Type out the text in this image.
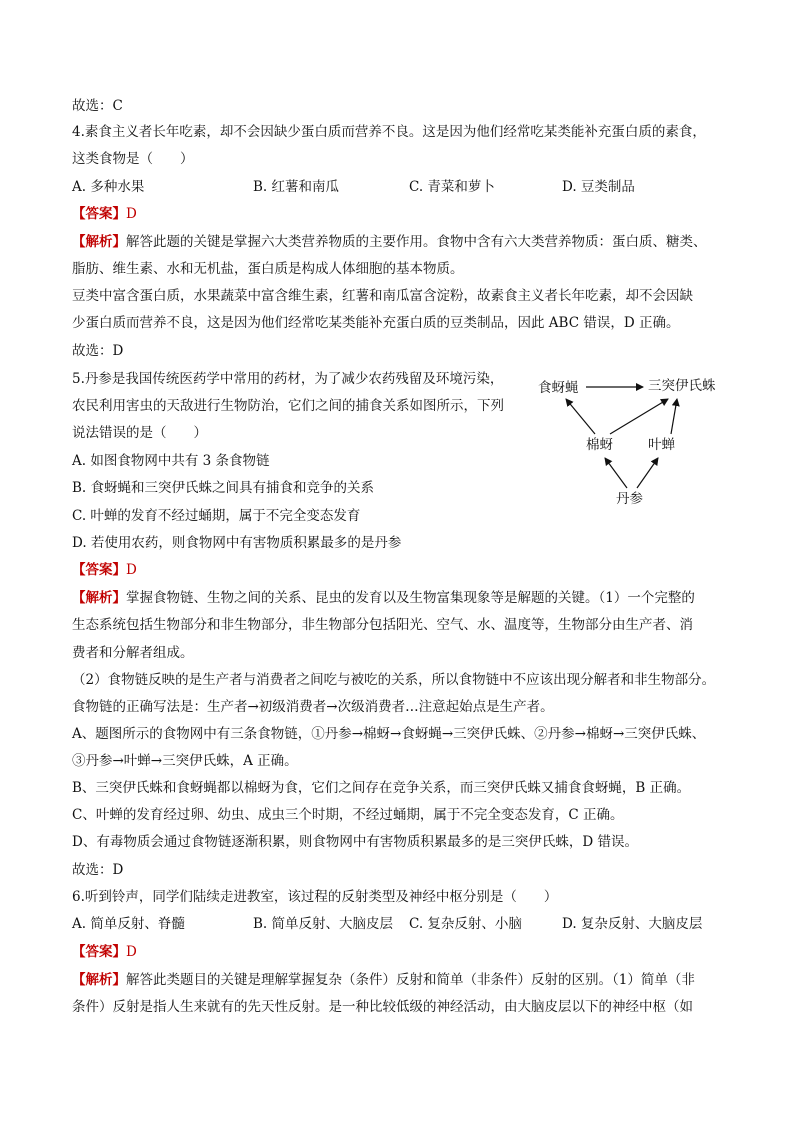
故选：C
4.素食主义者长年吃素，却不会因缺少蛋白质而营养不良。这是因为他们经常吃某类能补充蛋白质的素食，
这类食物是（　　）
A. 多种水果	B. 红薯和南瓜	C. 青菜和萝卜	D. 豆类制品
【答案】D
【解析】解答此题的关键是掌握六大类营养物质的主要作用。食物中含有六大类营养物质：蛋白质、糖类、
脂肪、维生素、水和无机盐，蛋白质是构成人体细胞的基本物质。
豆类中富含蛋白质，水果蔬菜中富含维生素，红薯和南瓜富含淀粉，故素食主义者长年吃素，却不会因缺
少蛋白质而营养不良，这是因为他们经常吃某类能补充蛋白质的豆类制品，因此 ABC 错误，D 正确。
故选：D
5.丹参是我国传统医药学中常用的药材，为了减少农药残留及环境污染，
农民利用害虫的天敌进行生物防治，它们之间的捕食关系如图所示，下列
说法错误的是（　　）
A. 如图食物网中共有 3 条食物链
B. 食蚜蝇和三突伊氏蛛之间具有捕食和竞争的关系
C. 叶蝉的发育不经过蛹期，属于不完全变态发育
D. 若使用农药，则食物网中有害物质积累最多的是丹参
食蚜蝇	三突伊氏蛛
棉蚜	叶蝉
丹参
【答案】D
【解析】掌握食物链、生物之间的关系、昆虫的发育以及生物富集现象等是解题的关键。（1）一个完整的
生态系统包括生物部分和非生物部分，非生物部分包括阳光、空气、水、温度等，生物部分由生产者、消
费者和分解者组成。
（2）食物链反映的是生产者与消费者之间吃与被吃的关系，所以食物链中不应该出现分解者和非生物部分。
食物链的正确写法是：生产者→初级消费者→次级消费者…注意起始点是生产者。
A、题图所示的食物网中有三条食物链，①丹参→棉蚜→食蚜蝇→三突伊氏蛛、②丹参→棉蚜→三突伊氏蛛、
③丹参→叶蝉→三突伊氏蛛，A 正确。
B、三突伊氏蛛和食蚜蝇都以棉蚜为食，它们之间存在竞争关系，而三突伊氏蛛又捕食食蚜蝇，B 正确。
C、叶蝉的发育经过卵、幼虫、成虫三个时期，不经过蛹期，属于不完全变态发育，C 正确。
D、有毒物质会通过食物链逐渐积累，则食物网中有害物质积累最多的是三突伊氏蛛，D 错误。
故选：D
6.听到铃声，同学们陆续走进教室，该过程的反射类型及神经中枢分别是（　　）
A. 简单反射、脊髓	B. 简单反射、大脑皮层 C. 复杂反射、小脑	D. 复杂反射、大脑皮层
【答案】D
【解析】解答此类题目的关键是理解掌握复杂（条件）反射和简单（非条件）反射的区别。（1）简单（非
条件）反射是指人生来就有的先天性反射。是一种比较低级的神经活动，由大脑皮层以下的神经中枢（如
